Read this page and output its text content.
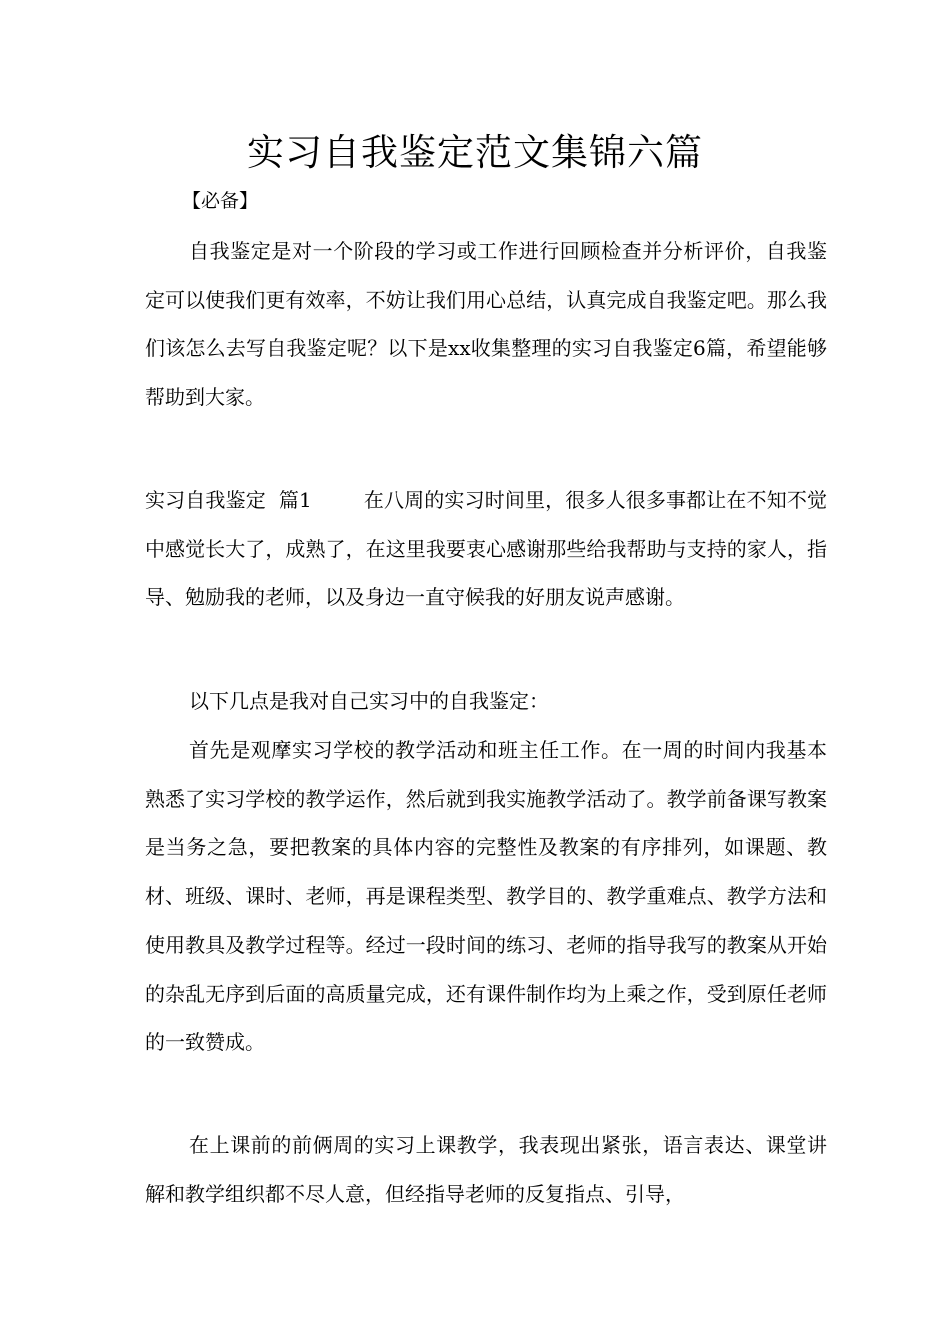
实习自我鉴定范文集锦六篇

【必备】

自我鉴定是对一个阶段的学习或工作进行回顾检查并分析评价，自我鉴定可以使我们更有效率，不妨让我们用心总结，认真完成自我鉴定吧。那么我们该怎么去写自我鉴定呢？以下是xx收集整理的实习自我鉴定6篇，希望能够帮助到大家。

实习自我鉴定  篇1	在八周的实习时间里，很多人很多事都让在不知不觉中感觉长大了，成熟了，在这里我要衷心感谢那些给我帮助与支持的家人，指导、勉励我的老师，以及身边一直守候我的好朋友说声感谢。

以下几点是我对自己实习中的自我鉴定：

首先是观摩实习学校的教学活动和班主任工作。在一周的时间内我基本熟悉了实习学校的教学运作，然后就到我实施教学活动了。教学前备课写教案是当务之急，要把教案的具体内容的完整性及教案的有序排列，如课题、教材、班级、课时、老师，再是课程类型、教学目的、教学重难点、教学方法和使用教具及教学过程等。经过一段时间的练习、老师的指导我写的教案从开始的杂乱无序到后面的高质量完成，还有课件制作均为上乘之作，受到原任老师的一致赞成。

在上课前的前俩周的实习上课教学，我表现出紧张，语言表达、课堂讲解和教学组织都不尽人意，但经指导老师的反复指点、引导，
